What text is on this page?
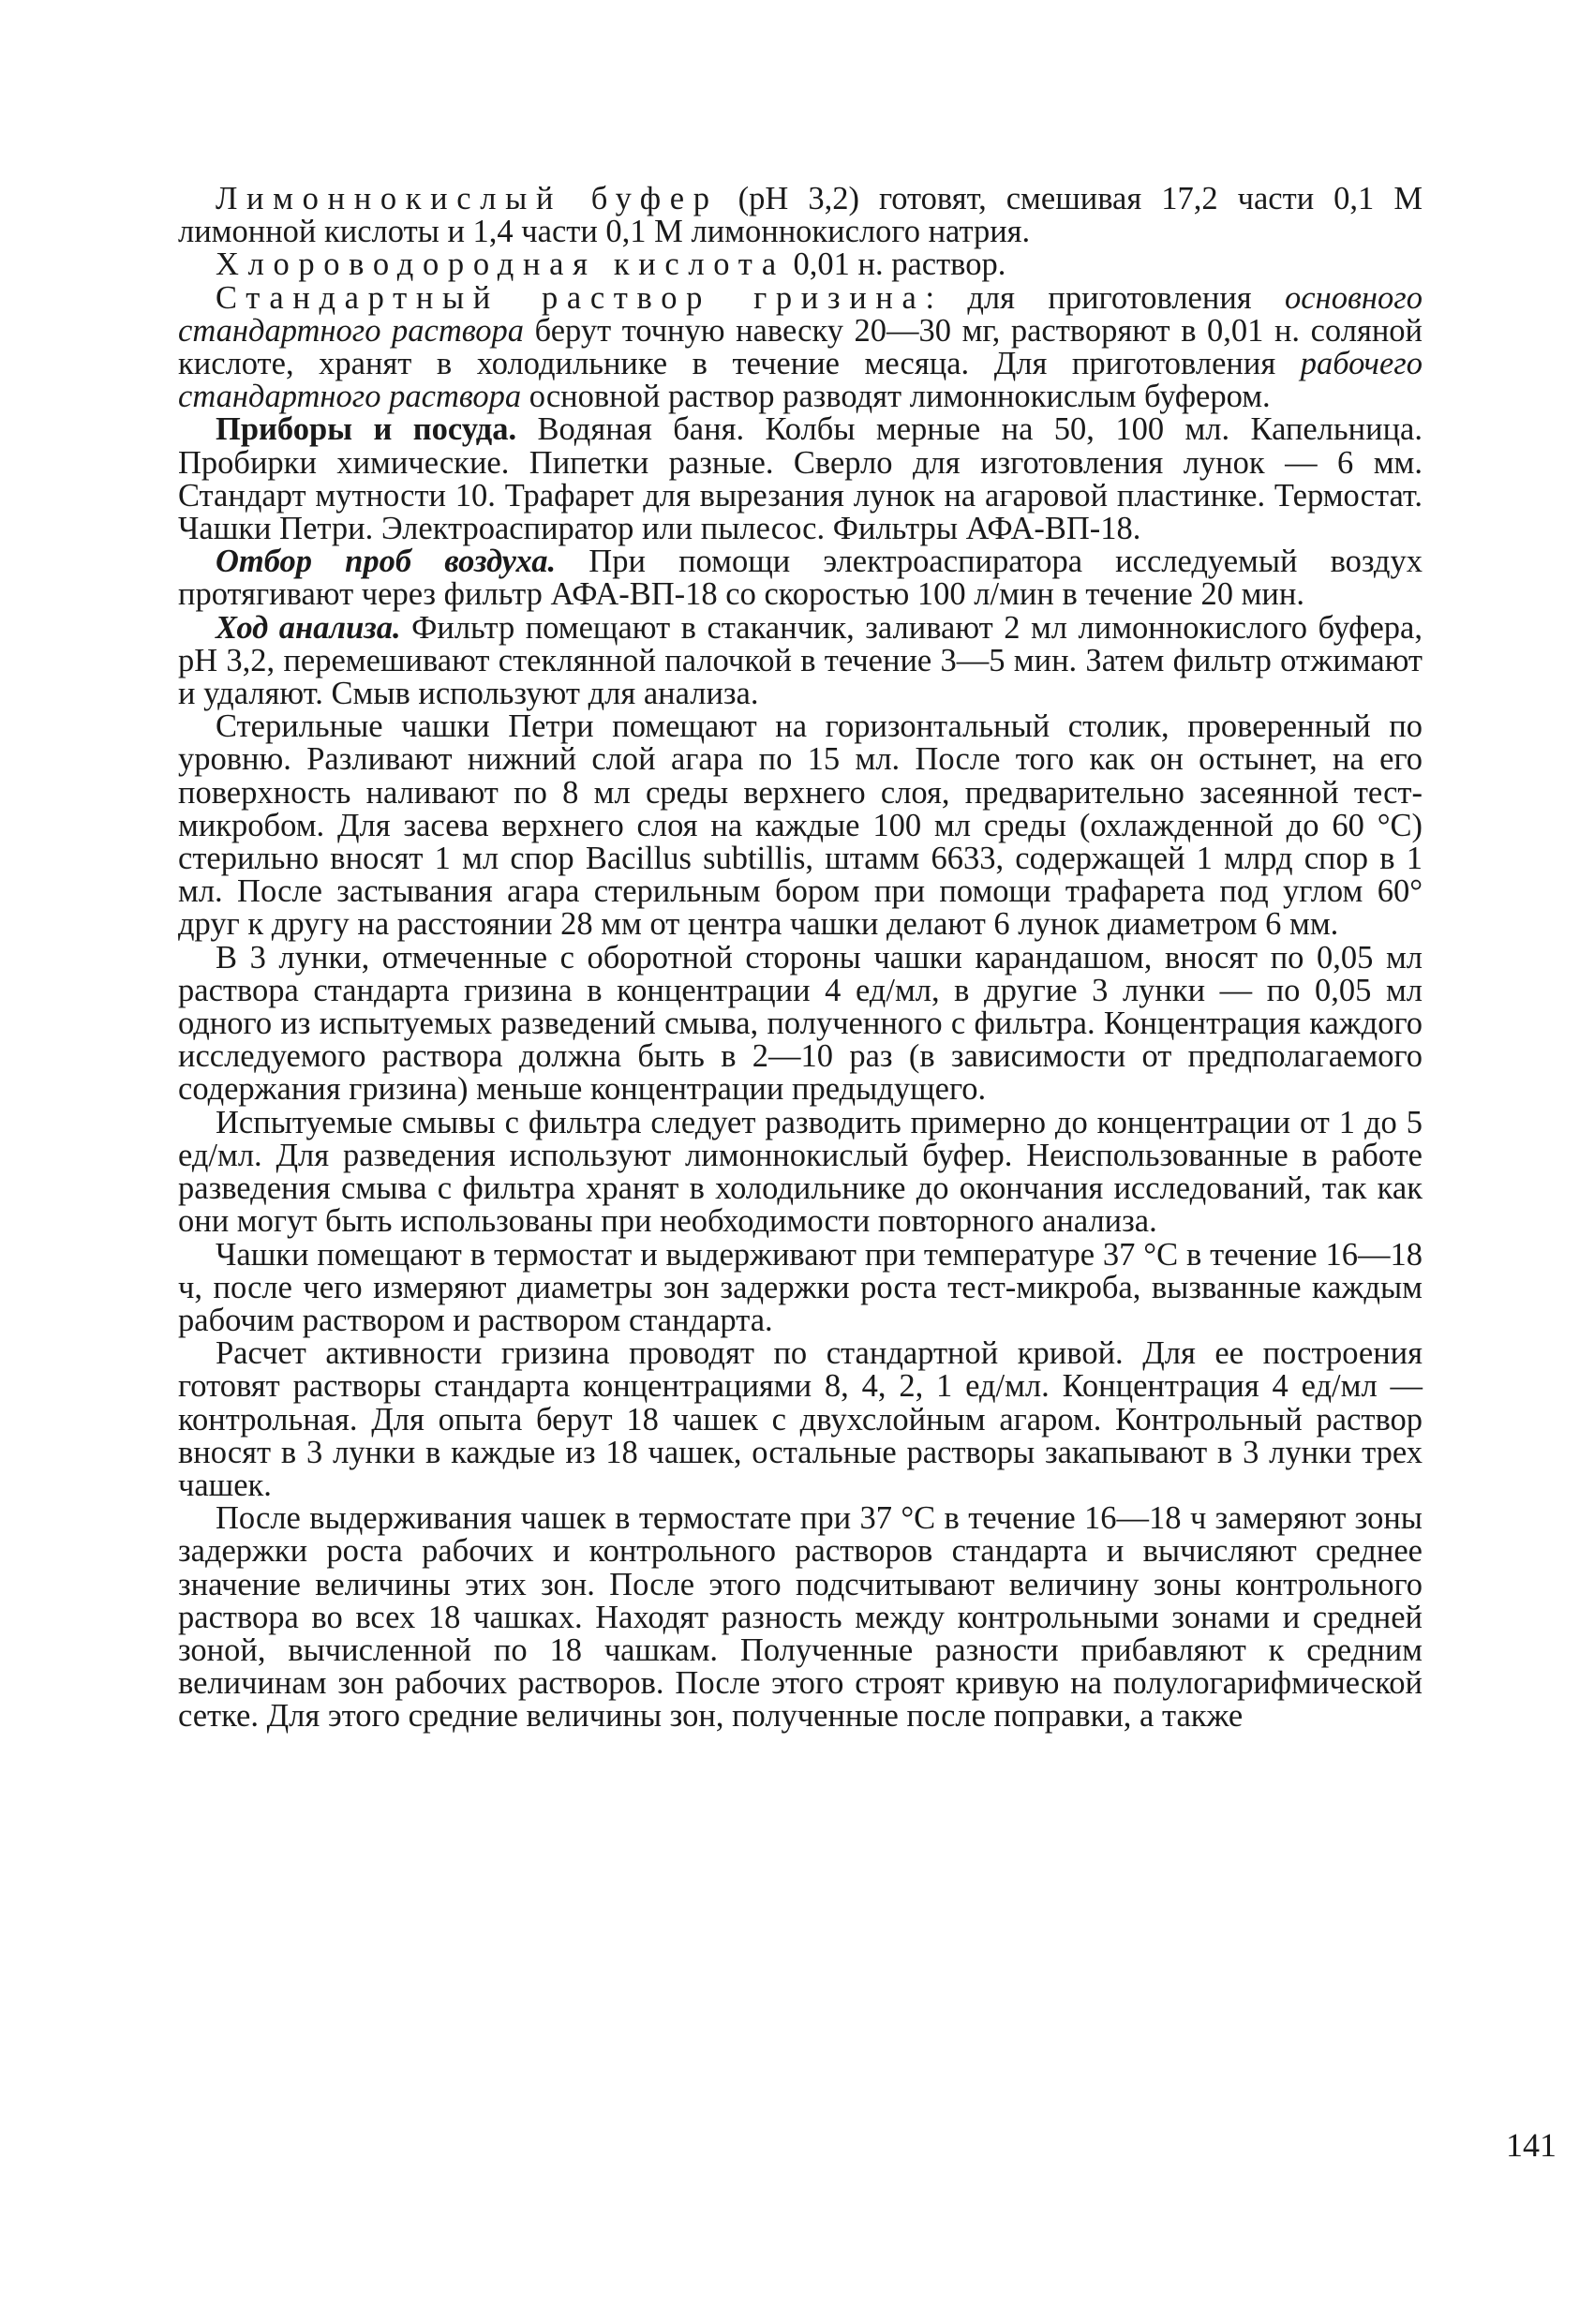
Лимоннокислый буфер (pH 3,2) готовят, смешивая 17,2 части 0,1 М лимонной кислоты и 1,4 части 0,1 М лимоннокислого натрия.

Хлороводородная кислота 0,01 н. раствор.

Стандартный раствор гризина: для приготовления основного стандартного раствора берут точную навеску 20—30 мг, растворяют в 0,01 н. соляной кислоте, хранят в холодильнике в течение месяца. Для приготовления рабочего стандартного раствора основной раствор разводят лимоннокислым буфером.

Приборы и посуда. Водяная баня. Колбы мерные на 50, 100 мл. Капельница. Пробирки химические. Пипетки разные. Сверло для изготовления лунок — 6 мм. Стандарт мутности 10. Трафарет для вырезания лунок на агаровой пластинке. Термостат. Чашки Петри. Электроаспиратор или пылесос. Фильтры АФА-ВП-18.

Отбор проб воздуха. При помощи электроаспиратора исследуемый воздух протягивают через фильтр АФА-ВП-18 со скоростью 100 л/мин в течение 20 мин.

Ход анализа. Фильтр помещают в стаканчик, заливают 2 мл лимоннокислого буфера, pH 3,2, перемешивают стеклянной палочкой в течение 3—5 мин. Затем фильтр отжимают и удаляют. Смыв используют для анализа.

Стерильные чашки Петри помещают на горизонтальный столик, проверенный по уровню. Разливают нижний слой агара по 15 мл. После того как он остынет, на его поверхность наливают по 8 мл среды верхнего слоя, предварительно засеянной тест-микробом. Для засева верхнего слоя на каждые 100 мл среды (охлажденной до 60 °С) стерильно вносят 1 мл спор Bacillus subtillis, штамм 6633, содержащей 1 млрд спор в 1 мл. После застывания агара стерильным бором при помощи трафарета под углом 60° друг к другу на расстоянии 28 мм от центра чашки делают 6 лунок диаметром 6 мм.

В 3 лунки, отмеченные с оборотной стороны чашки карандашом, вносят по 0,05 мл раствора стандарта гризина в концентрации 4 ед/мл, в другие 3 лунки — по 0,05 мл одного из испытуемых разведений смыва, полученного с фильтра. Концентрация каждого исследуемого раствора должна быть в 2—10 раз (в зависимости от предполагаемого содержания гризина) меньше концентрации предыдущего.

Испытуемые смывы с фильтра следует разводить примерно до концентрации от 1 до 5 ед/мл. Для разведения используют лимоннокислый буфер. Неиспользованные в работе разведения смыва с фильтра хранят в холодильнике до окончания исследований, так как они могут быть использованы при необходимости повторного анализа.

Чашки помещают в термостат и выдерживают при температуре 37 °С в течение 16—18 ч, после чего измеряют диаметры зон задержки роста тест-микроба, вызванные каждым рабочим раствором и раствором стандарта.

Расчет активности гризина проводят по стандартной кривой. Для ее построения готовят растворы стандарта концентрациями 8, 4, 2, 1 ед/мл. Концентрация 4 ед/мл — контрольная. Для опыта берут 18 чашек с двухслойным агаром. Контрольный раствор вносят в 3 лунки в каждые из 18 чашек, остальные растворы закапывают в 3 лунки трех чашек.

После выдерживания чашек в термостате при 37 °С в течение 16—18 ч замеряют зоны задержки роста рабочих и контрольного растворов стандарта и вычисляют среднее значение величины этих зон. После этого подсчитывают величину зоны контрольного раствора во всех 18 чашках. Находят разность между контрольными зонами и средней зоной, вычисленной по 18 чашкам. Полученные разности прибавляют к средним величинам зон рабочих растворов. После этого строят кривую на полулогарифмической сетке. Для этого средние величины зон, полученные после поправки, а также

141
